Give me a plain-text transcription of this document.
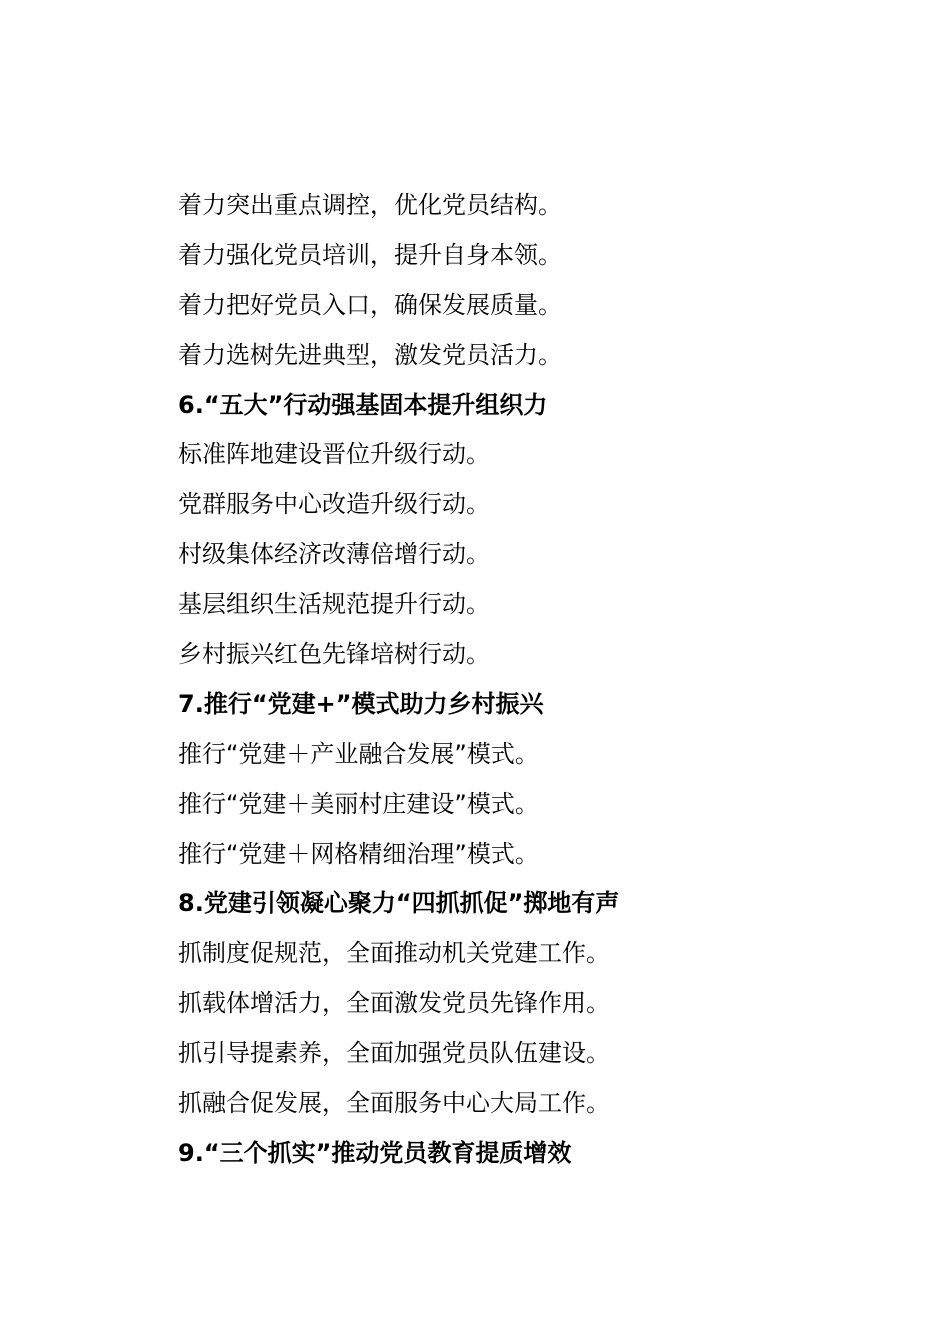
着力突出重点调控，优化党员结构。
着力强化党员培训，提升自身本领。
着力把好党员入口，确保发展质量。
着力选树先进典型，激发党员活力。
6.“五大”行动强基固本提升组织力
标准阵地建设晋位升级行动。
党群服务中心改造升级行动。
村级集体经济改薄倍增行动。
基层组织生活规范提升行动。
乡村振兴红色先锋培树行动。
7.推行“党建+”模式助力乡村振兴
推行“党建＋产业融合发展”模式。
推行“党建＋美丽村庄建设”模式。
推行“党建＋网格精细治理”模式。
8.党建引领凝心聚力“四抓抓促”掷地有声
抓制度促规范，全面推动机关党建工作。
抓载体增活力，全面激发党员先锋作用。
抓引导提素养，全面加强党员队伍建设。
抓融合促发展，全面服务中心大局工作。
9.“三个抓实”推动党员教育提质增效
